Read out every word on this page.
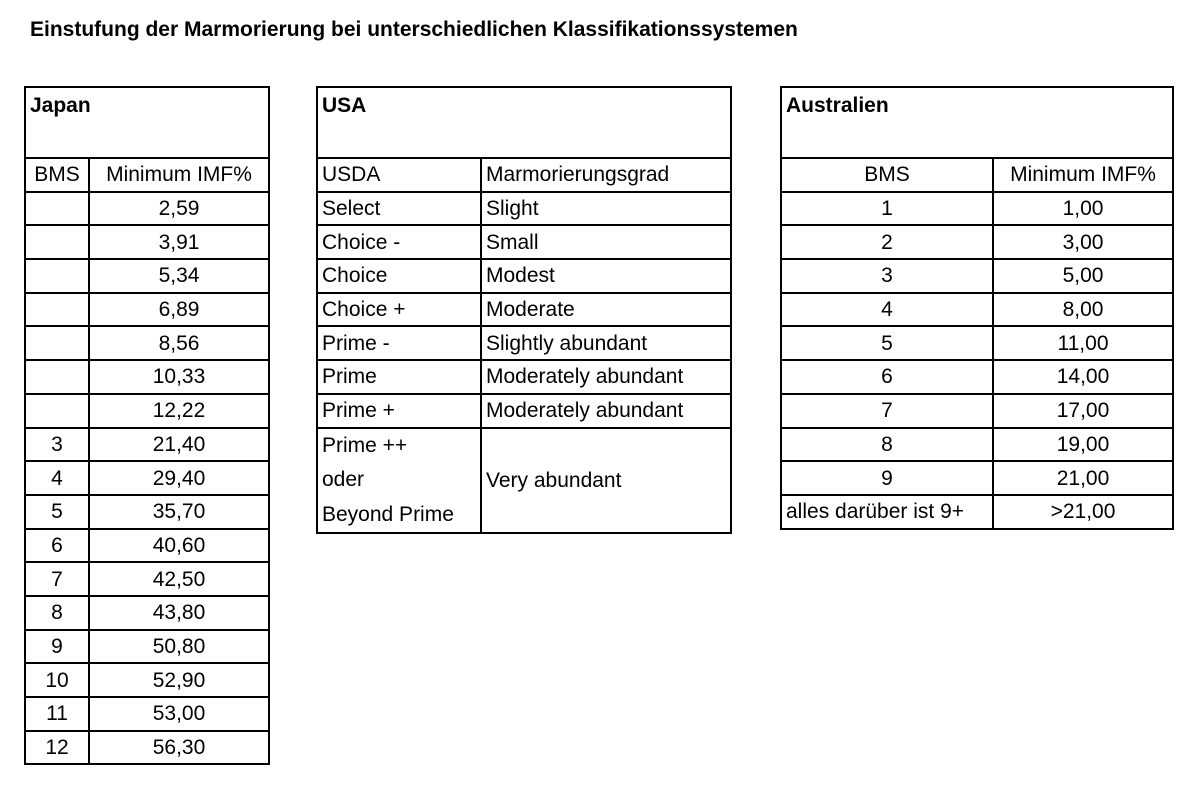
Einstufung der Marmorierung bei unterschiedlichen Klassifikationssystemen
Japan	
BMS	Minimum IMF%
	2,59
	3,91
	5,34
	6,89
	8,56
	10,33
	12,22
3	21,40
4	29,40
5	35,70
6	40,60
7	42,50
8	43,80
9	50,80
10	52,90
11	53,00
12	56,30
USA	
USDA	Marmorierungsgrad
Select	Slight
Choice -	Small
Choice	Modest
Choice +	Moderate
Prime -	Slightly abundant
Prime	Moderately abundant
Prime +	Moderately abundant

Prime ++
oder
Beyond Prime	Very abundant
Australien	
BMS	Minimum IMF%
1	1,00
2	3,00
3	5,00
4	8,00
5	11,00
6	14,00
7	17,00
8	19,00
9	21,00
alles darüber ist 9+	>21,00
